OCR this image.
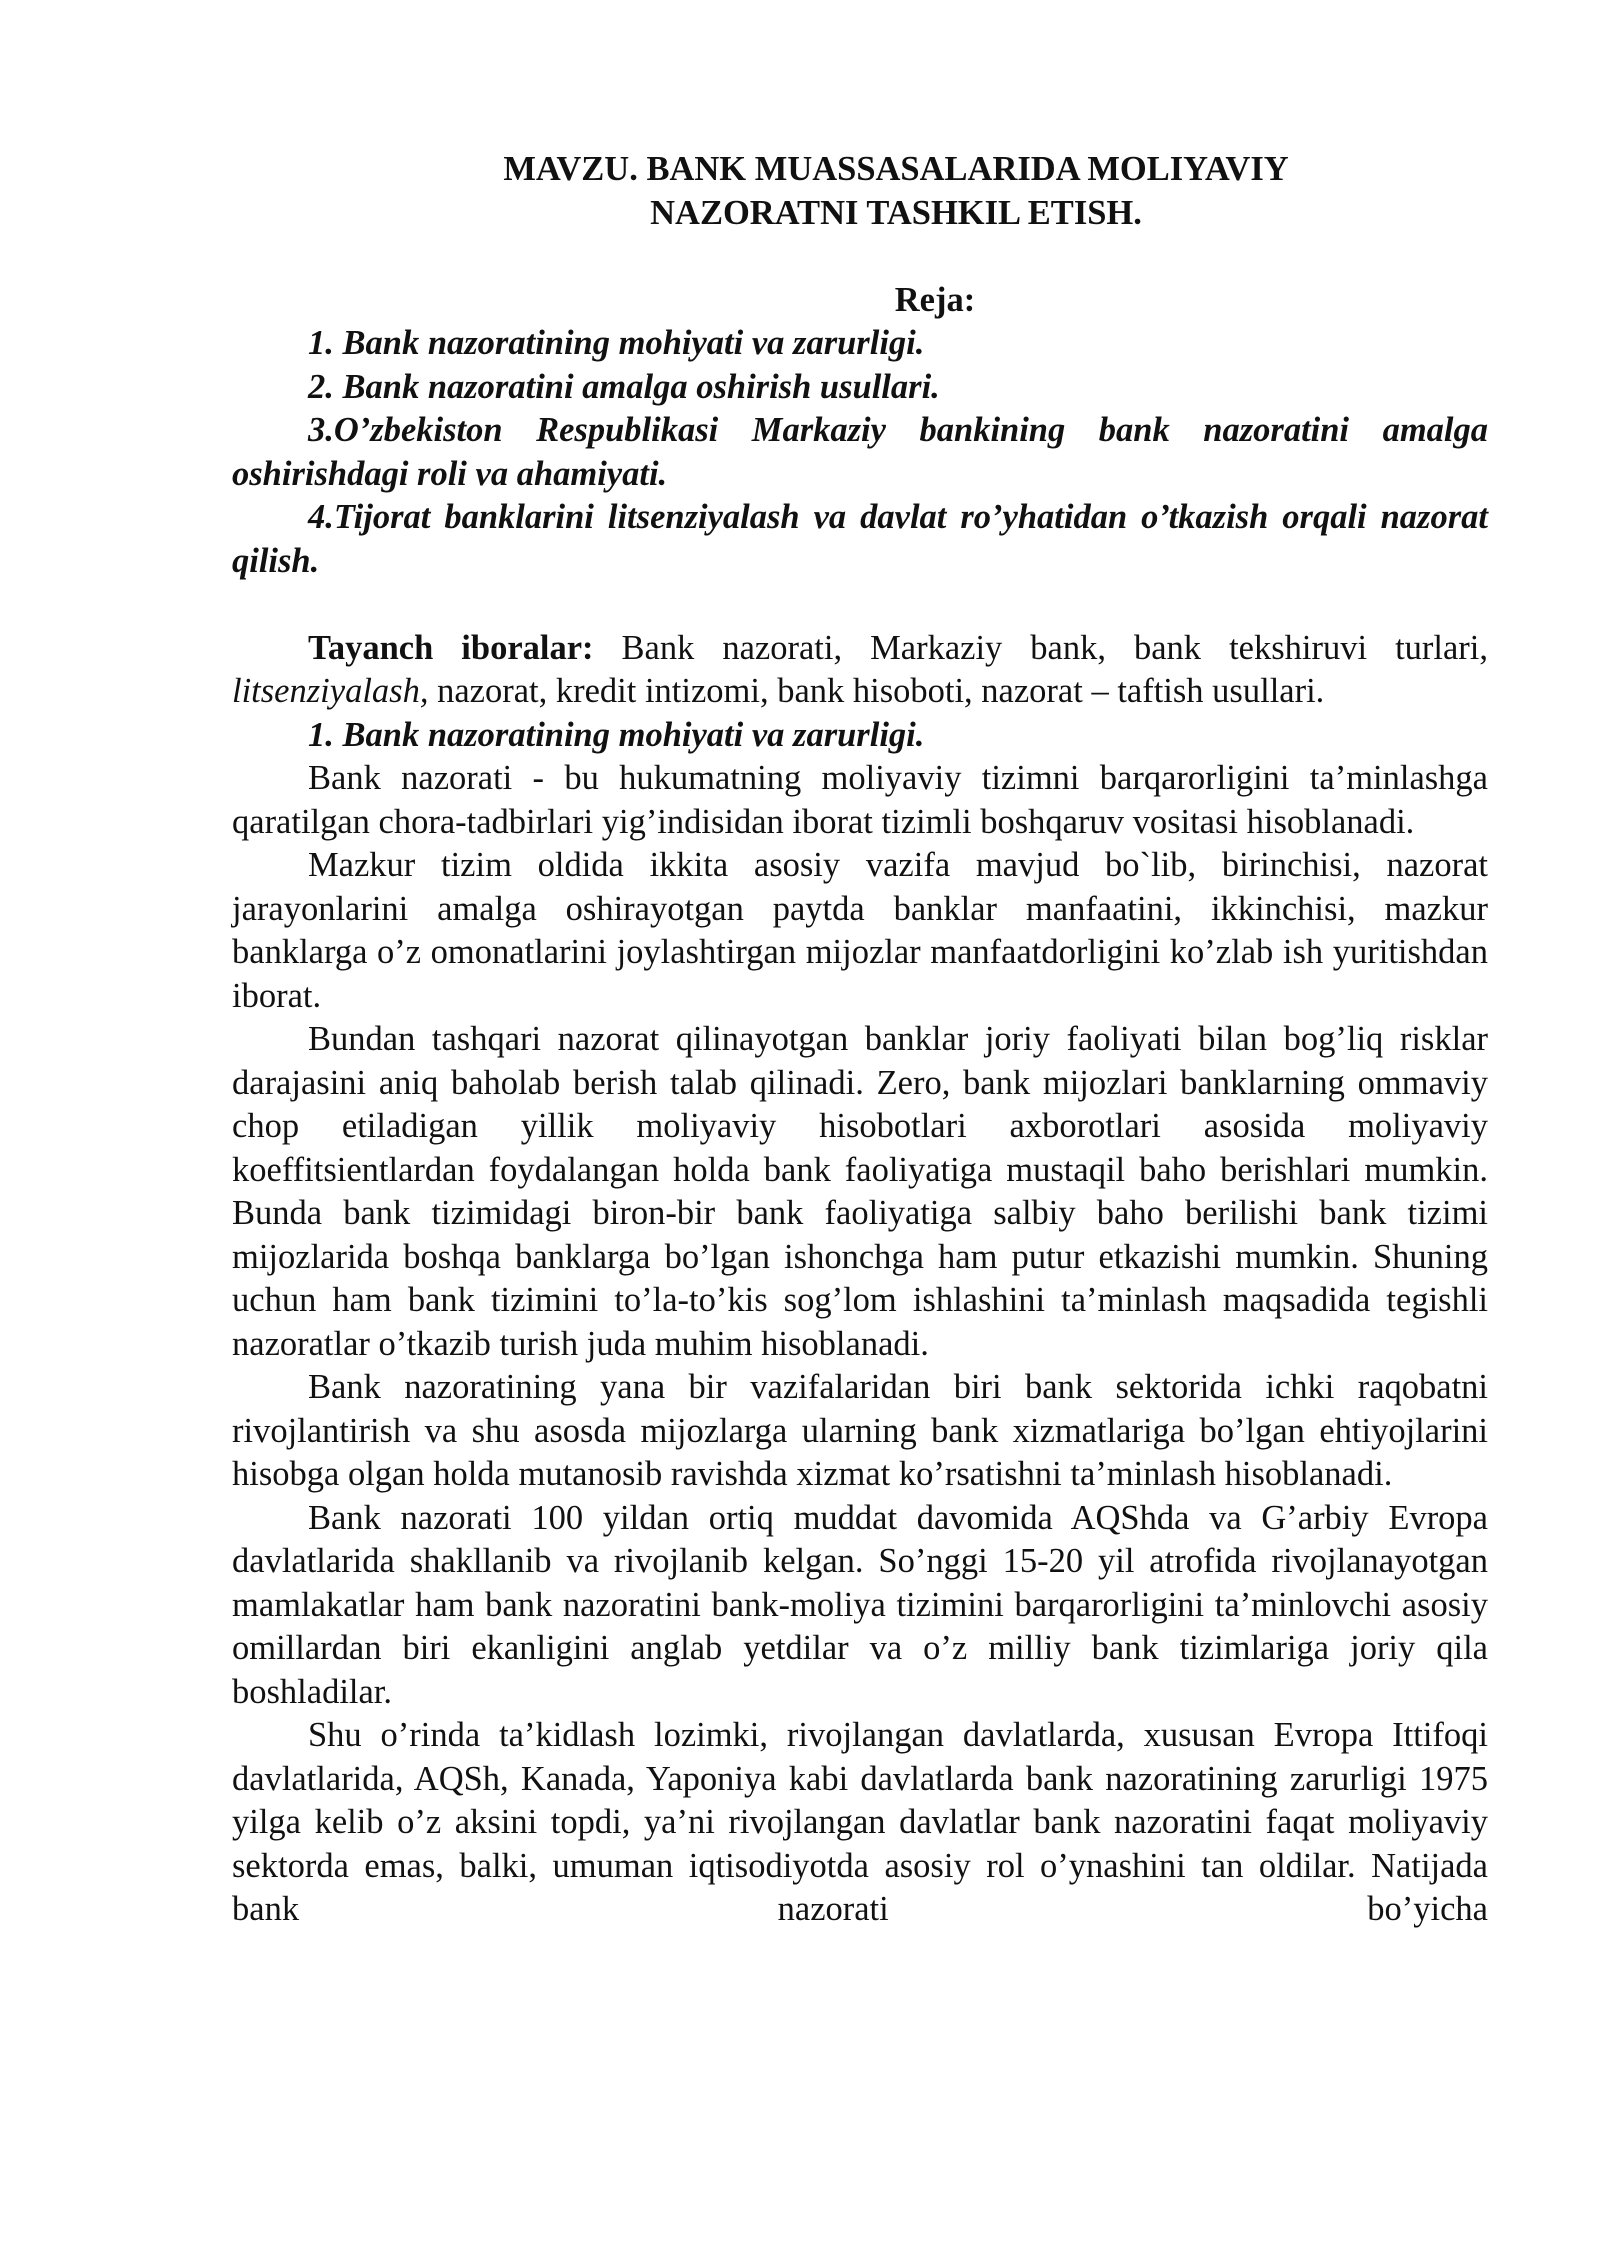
MAVZU. BANK MUASSASALARIDA MOLIYAVIY
NAZORATNI TASHKIL ETISH.
Reja:

1. Bank nazoratining mohiyati va zarurligi.

2. Bank nazoratini amalga oshirish usullari.

3.O’zbekiston Respublikasi Markaziy bankining bank nazoratini amalga oshirishdagi roli va ahamiyati.

4.Tijorat banklarini litsenziyalash va davlat ro’yhatidan o’tkazish orqali nazorat qilish.

Tayanch iboralar: Bank nazorati, Markaziy bank, bank tekshiruvi turlari, litsenziyalash, nazorat, kredit intizomi, bank hisoboti, nazorat – taftish usullari.

1. Bank nazoratining mohiyati va zarurligi.

Bank nazorati - bu hukumatning moliyaviy tizimni barqarorligini ta’minlashga qaratilgan chora-tadbirlari yig’indisidan iborat tizimli boshqaruv vositasi hisoblanadi.

Mazkur tizim oldida ikkita asosiy vazifa mavjud bo`lib, birinchisi, nazorat jarayonlarini amalga oshirayotgan paytda banklar manfaatini, ikkinchisi, mazkur banklarga o’z omonatlarini joylashtirgan mijozlar manfaatdorligini ko’zlab ish yuritishdan iborat.

Bundan tashqari nazorat qilinayotgan banklar joriy faoliyati bilan bog’liq risklar darajasini aniq baholab berish talab qilinadi. Zero, bank mijozlari banklarning ommaviy chop etiladigan yillik moliyaviy hisobotlari axborotlari asosida moliyaviy koeffitsientlardan foydalangan holda bank faoliyatiga mustaqil baho berishlari mumkin. Bunda bank tizimidagi biron-bir bank faoliyatiga salbiy baho berilishi bank tizimi mijozlarida boshqa banklarga bo’lgan ishonchga ham putur etkazishi mumkin. Shuning uchun ham bank tizimini to’la-to’kis sog’lom ishlashini ta’minlash maqsadida tegishli nazoratlar o’tkazib turish juda muhim hisoblanadi.

Bank nazoratining yana bir vazifalaridan biri bank sektorida ichki raqobatni rivojlantirish va shu asosda mijozlarga ularning bank xizmatlariga bo’lgan ehtiyojlarini hisobga olgan holda mutanosib ravishda xizmat ko’rsatishni ta’minlash hisoblanadi.

Bank nazorati 100 yildan ortiq muddat davomida AQShda va G’arbiy Evropa davlatlarida shakllanib va rivojlanib kelgan. So’nggi 15-20 yil atrofida rivojlanayotgan mamlakatlar ham bank nazoratini bank-moliya tizimini barqarorligini ta’minlovchi asosiy omillardan biri ekanligini anglab yetdilar va o’z milliy bank tizimlariga joriy qila boshladilar.

Shu o’rinda ta’kidlash lozimki, rivojlangan davlatlarda, xususan Evropa Ittifoqi davlatlarida, AQSh, Kanada, Yaponiya kabi davlatlarda bank nazoratining zarurligi 1975 yilga kelib o’z aksini topdi, ya’ni rivojlangan davlatlar bank nazoratini faqat moliyaviy sektorda emas, balki, umuman iqtisodiyotda asosiy rol o’ynashini tan oldilar. Natijada bank nazorati bo’yicha
